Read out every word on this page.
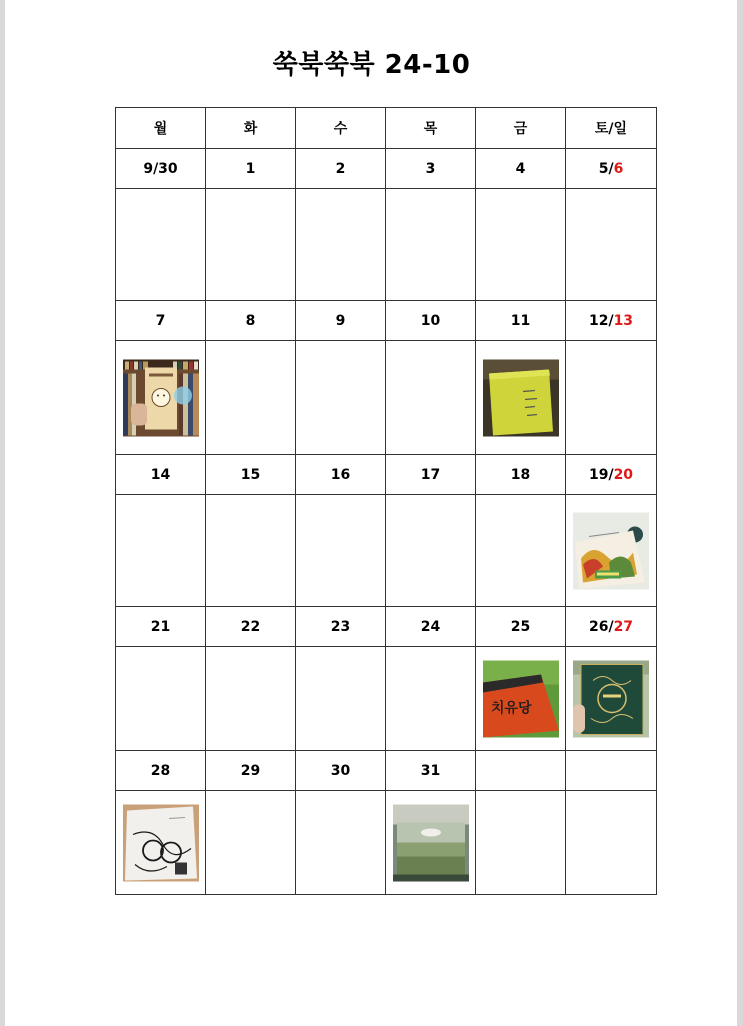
쑥북쑥북 24-10
월	화	수	목	금	토/일
9/30	1	2	3	4	5/6

7	8	9	10	11	12/13

14	15	16	17	18	19/20

21	22	23	24	25	26/27

치유당

28	29	30	31		
